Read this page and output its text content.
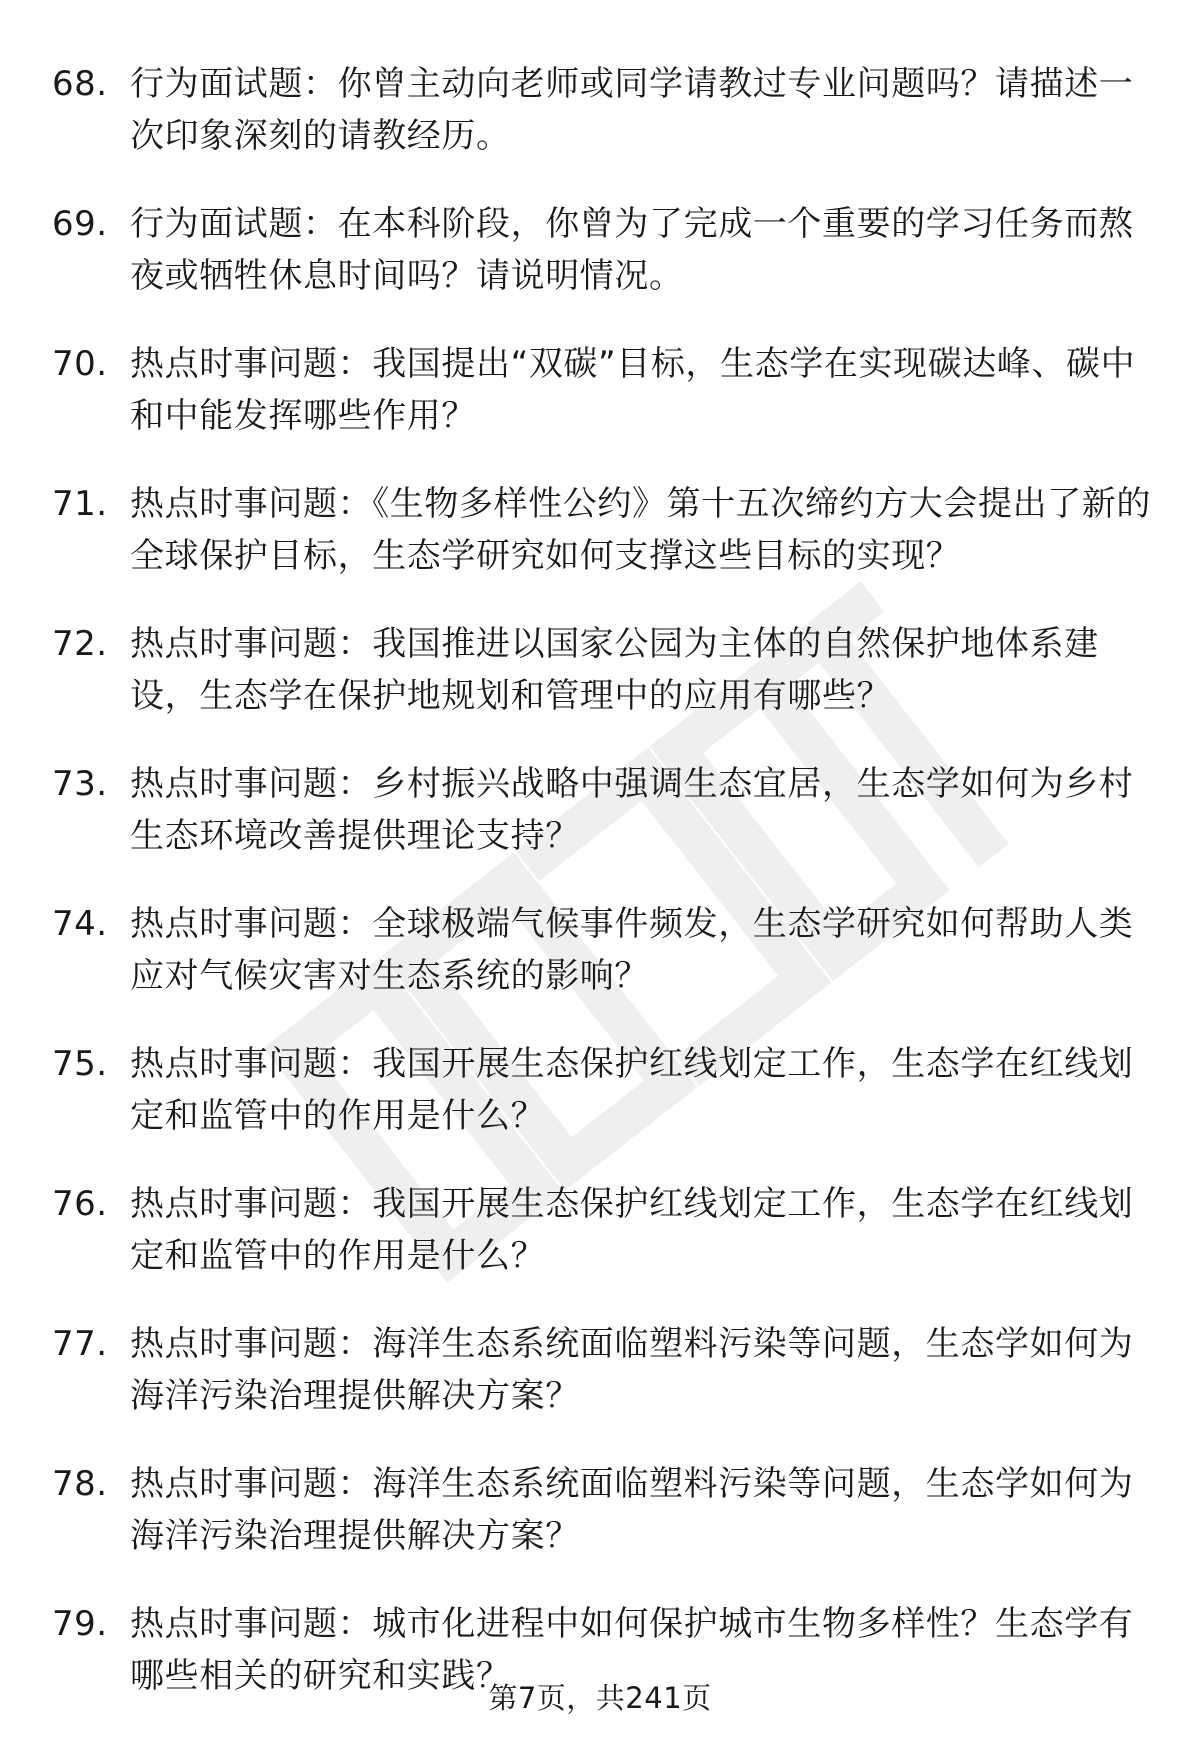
68. 行为面试题：你曾主动向老师或同学请教过专业问题吗？请描述一次印象深刻的请教经历。
69. 行为面试题：在本科阶段，你曾为了完成一个重要的学习任务而熬夜或牺牲休息时间吗？请说明情况。
70. 热点时事问题：我国提出“双碳”目标，生态学在实现碳达峰、碳中和中能发挥哪些作用？
71. 热点时事问题：《生物多样性公约》第十五次缔约方大会提出了新的全球保护目标，生态学研究如何支撑这些目标的实现？
72. 热点时事问题：我国推进以国家公园为主体的自然保护地体系建设，生态学在保护地规划和管理中的应用有哪些？
73. 热点时事问题：乡村振兴战略中强调生态宜居，生态学如何为乡村生态环境改善提供理论支持？
74. 热点时事问题：全球极端气候事件频发，生态学研究如何帮助人类应对气候灾害对生态系统的影响？
75. 热点时事问题：我国开展生态保护红线划定工作，生态学在红线划定和监管中的作用是什么？
76. 热点时事问题：我国开展生态保护红线划定工作，生态学在红线划定和监管中的作用是什么？
77. 热点时事问题：海洋生态系统面临塑料污染等问题，生态学如何为海洋污染治理提供解决方案？
78. 热点时事问题：海洋生态系统面临塑料污染等问题，生态学如何为海洋污染治理提供解决方案？
79. 热点时事问题：城市化进程中如何保护城市生物多样性？生态学有哪些相关的研究和实践？
第7页，共241页
